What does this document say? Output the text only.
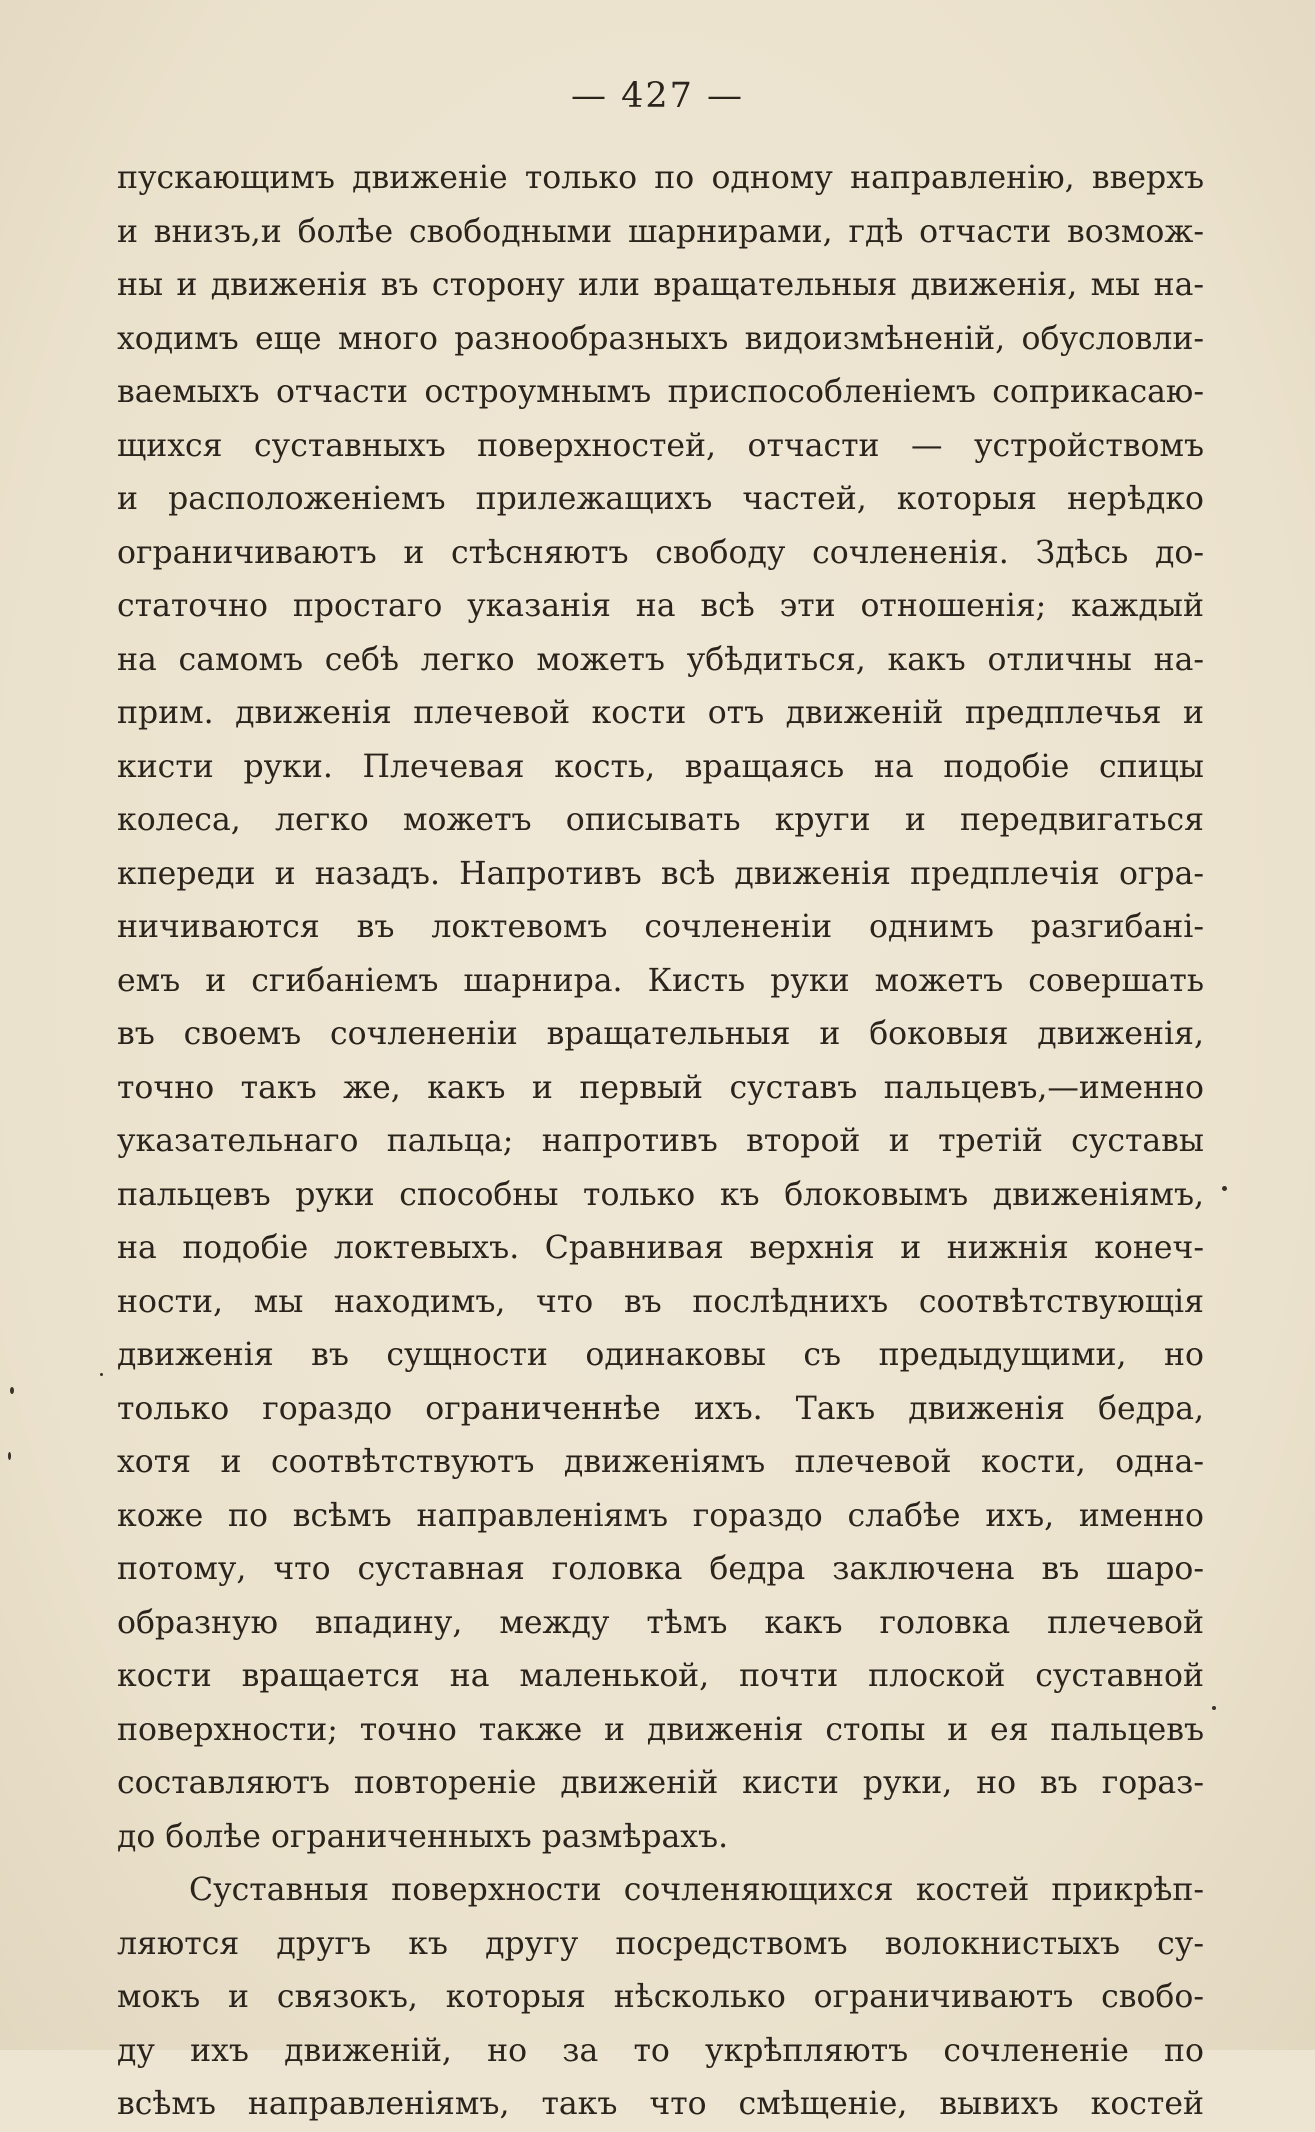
— 427 —
пускающимъ движеніе только по одному направленію, вверхъ
и внизъ,и болѣе свободными шарнирами, гдѣ отчасти возмож-
ны и движенія въ сторону или вращательныя движенія, мы на-
ходимъ еще много разнообразныхъ видоизмѣненій, обусловли-
ваемыхъ отчасти остроумнымъ приспособленіемъ соприкасаю-
щихся суставныхъ поверхностей, отчасти — устройствомъ
и расположеніемъ прилежащихъ частей, которыя нерѣдко
ограничиваютъ и стѣсняютъ свободу сочлененія. Здѣсь до-
статочно простаго указанія на всѣ эти отношенія; каждый
на самомъ себѣ легко можетъ убѣдиться, какъ отличны на-
прим. движенія плечевой кости отъ движеній предплечья и
кисти руки. Плечевая кость, вращаясь на подобіе спицы
колеса, легко можетъ описывать круги и передвигаться
кпереди и назадъ. Напротивъ всѣ движенія предплечія огра-
ничиваются въ локтевомъ сочлененіи однимъ разгибані-
емъ и сгибаніемъ шарнира. Кисть руки можетъ совершать
въ своемъ сочлененіи вращательныя и боковыя движенія,
точно такъ же, какъ и первый суставъ пальцевъ,—именно
указательнаго пальца; напротивъ второй и третій суставы
пальцевъ руки способны только къ блоковымъ движеніямъ,
на подобіе локтевыхъ. Сравнивая верхнія и нижнія конеч-
ности, мы находимъ, что въ послѣднихъ соотвѣтствующія
движенія въ сущности одинаковы съ предыдущими, но
только гораздо ограниченнѣе ихъ. Такъ движенія бедра,
хотя и соотвѣтствуютъ движеніямъ плечевой кости, одна-
коже по всѣмъ направленіямъ гораздо слабѣе ихъ, именно
потому, что суставная головка бедра заключена въ шаро-
образную впадину, между тѣмъ какъ головка плечевой
кости вращается на маленькой, почти плоской суставной
поверхности; точно также и движенія стопы и ея пальцевъ
составляютъ повтореніе движеній кисти руки, но въ гораз-
до болѣе ограниченныхъ размѣрахъ.
Суставныя поверхности сочленяющихся костей прикрѣп-
ляются другъ къ другу посредствомъ волокнистыхъ су-
мокъ и связокъ, которыя нѣсколько ограничиваютъ свобо-
ду ихъ движеній, но за то укрѣпляютъ сочлененіе по
всѣмъ направленіямъ, такъ что смѣщеніе, вывихъ костей
